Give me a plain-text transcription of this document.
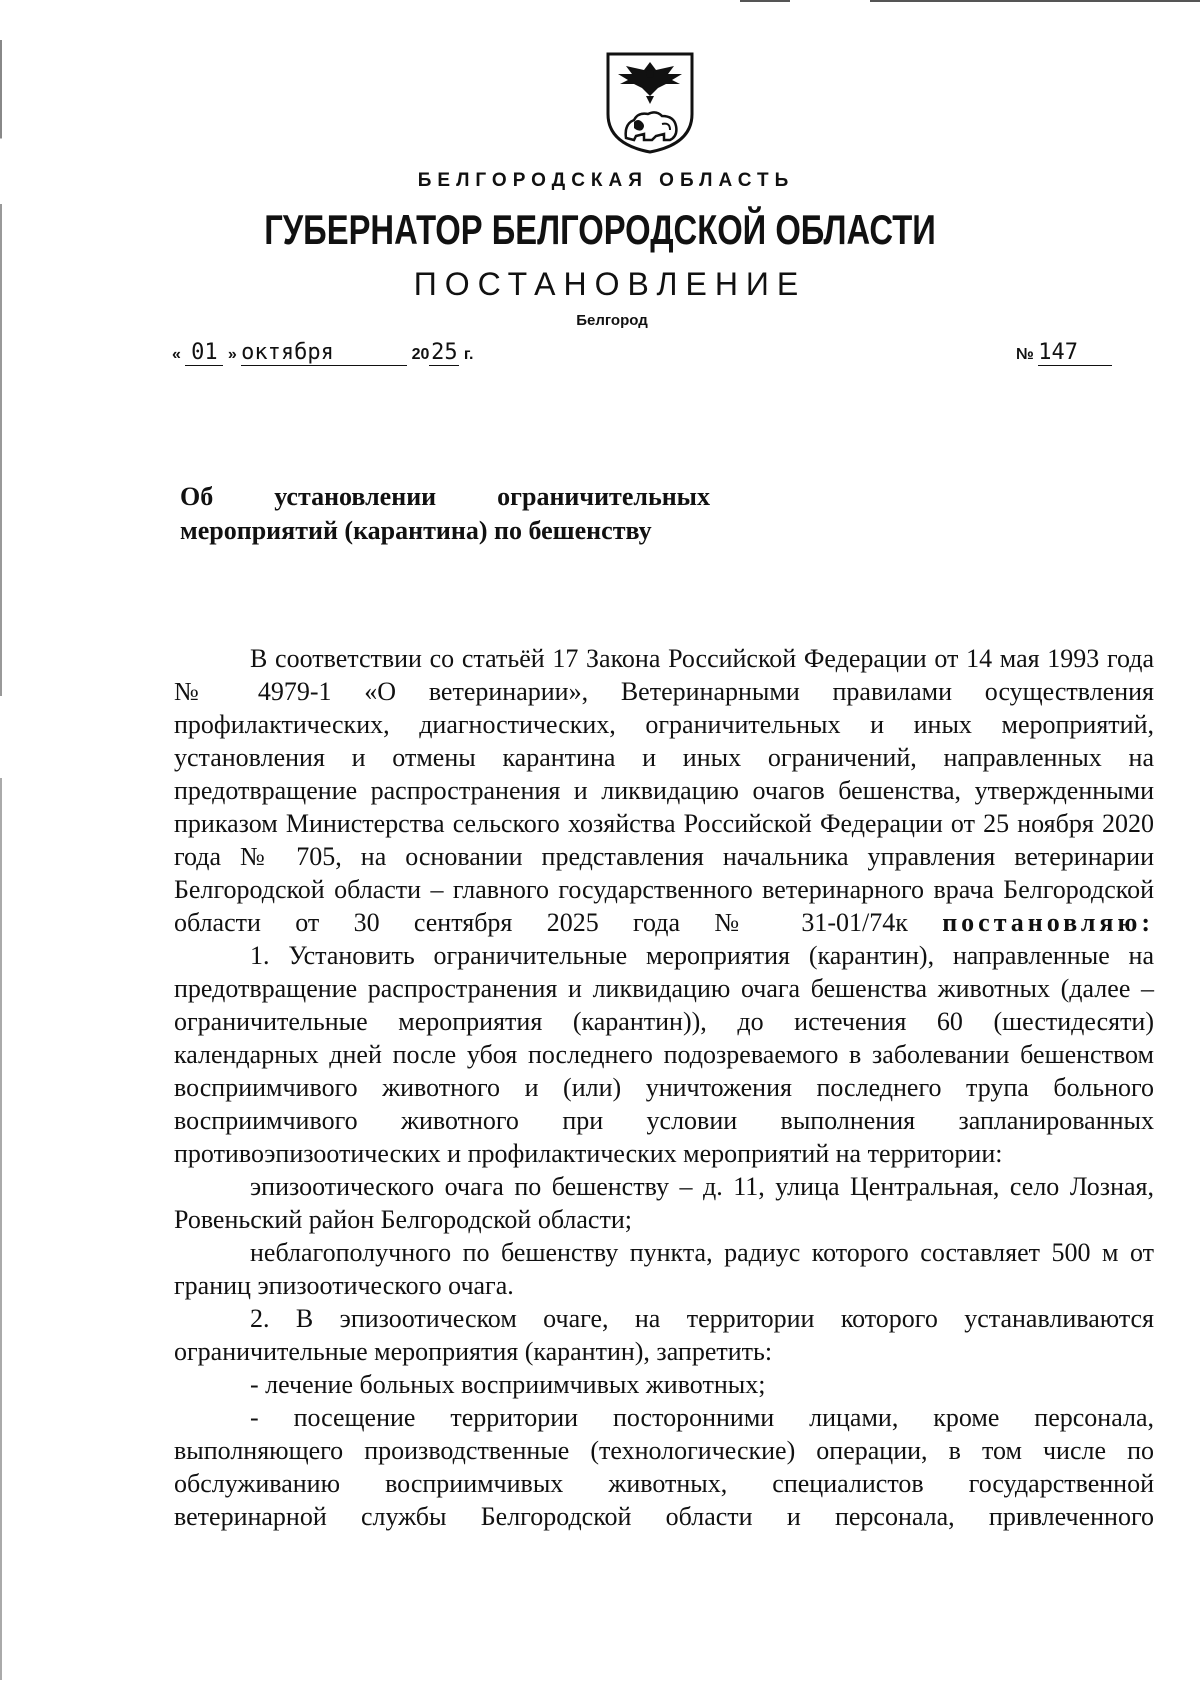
БЕЛГОРОДСКАЯ ОБЛАСТЬ
ГУБЕРНАТОР БЕЛГОРОДСКОЙ ОБЛАСТИ
ПОСТАНОВЛЕНИЕ
Белгород
« 01 » октября	2025 г.	№ 147
Об установлении ограничительных
мероприятий (карантина) по бешенству

В соответствии со статьёй 17 Закона Российской Федерации от 14 мая 1993 года № 4979-1 «О ветеринарии», Ветеринарными правилами осуществления профилактических, диагностических, ограничительных и иных мероприятий, установления и отмены карантина и иных ограничений, направленных на предотвращение распространения и ликвидацию очагов бешенства, утвержденными приказом Министерства сельского хозяйства Российской Федерации от 25 ноября 2020 года № 705, на основании представления начальника управления ветеринарии Белгородской области – главного государственного ветеринарного врача Белгородской области от 30 сентября 2025 года № 31-01/74к постановляю:

1. Установить ограничительные мероприятия (карантин), направленные на предотвращение распространения и ликвидацию очага бешенства животных (далее – ограничительные мероприятия (карантин)), до истечения 60 (шестидесяти) календарных дней после убоя последнего подозреваемого в заболевании бешенством восприимчивого животного и (или) уничтожения последнего трупа больного восприимчивого животного при условии выполнения запланированных противоэпизоотических и профилактических мероприятий на территории:

эпизоотического очага по бешенству – д. 11, улица Центральная, село Лозная, Ровеньский район Белгородской области;

неблагополучного по бешенству пункта, радиус которого составляет 500 м от границ эпизоотического очага.

2. В эпизоотическом очаге, на территории которого устанавливаются ограничительные мероприятия (карантин), запретить:

- лечение больных восприимчивых животных;

- посещение территории посторонними лицами, кроме персонала, выполняющего производственные (технологические) операции, в том числе по обслуживанию восприимчивых животных, специалистов государственной ветеринарной службы Белгородской области и персонала, привлеченного
